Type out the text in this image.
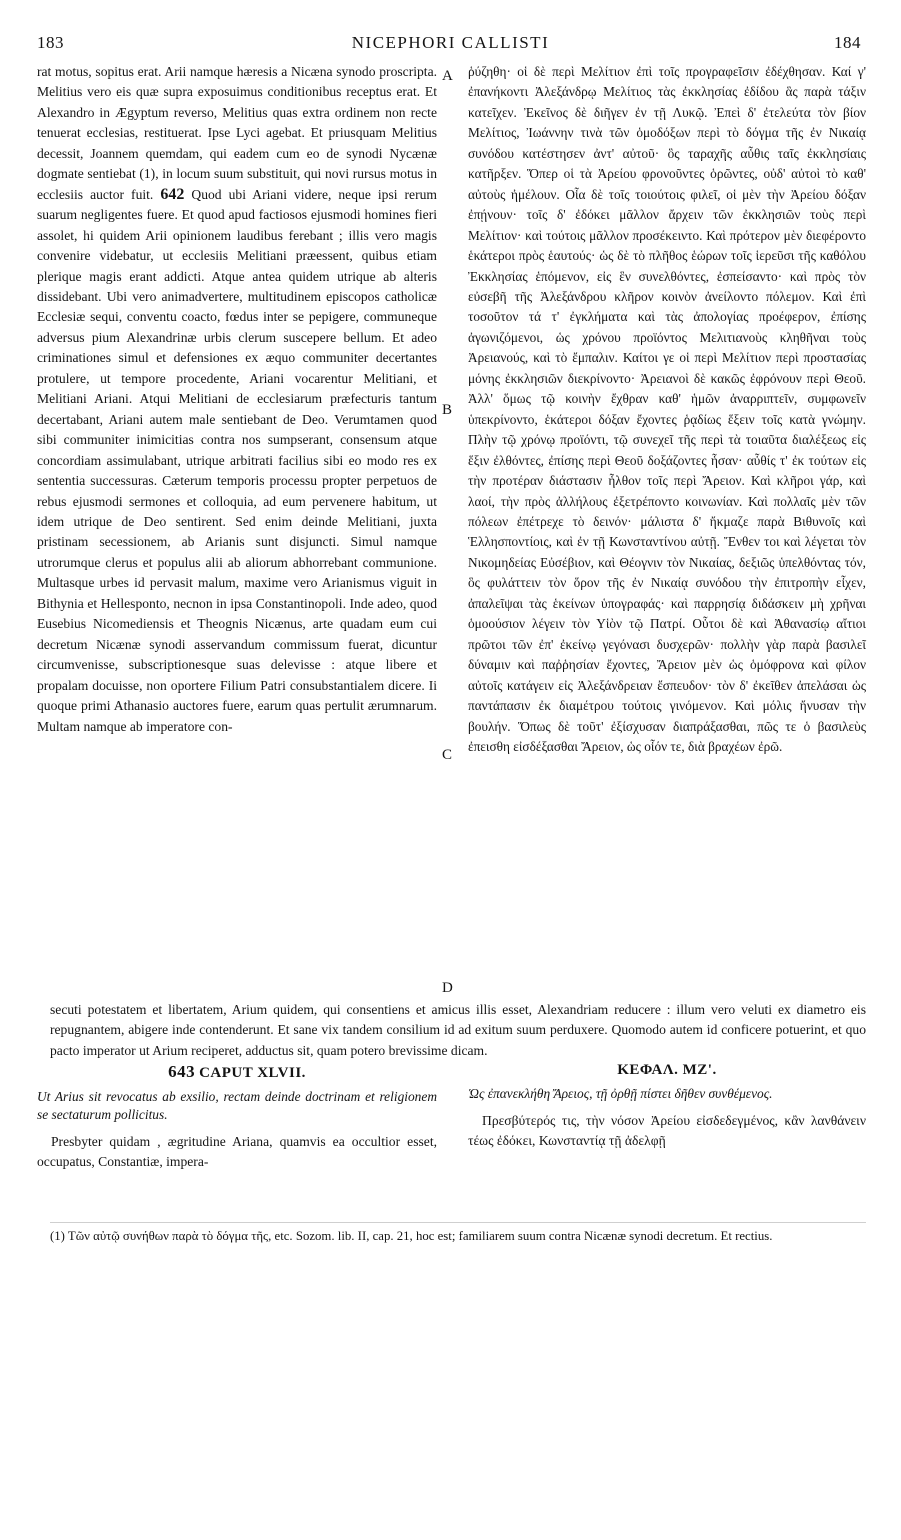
183	NICEPHORI CALLISTI	184

rat motus, sopitus erat. Arii namque hæresis a Nicæna synodo proscripta. Melitius vero eis quæ supra exposuimus conditionibus receptus erat. Et Alexandro in Ægyptum reverso, Melitius quas extra ordinem non recte tenuerat ecclesias, restituerat. Ipse Lyci agebat. Et priusquam Melitius decessit, Joannem quemdam, qui eadem cum eo de synodi Nycænæ dogmate sentiebat (1), in locum suum substituit, qui novi rursus motus in ecclesiis auctor fuit. 642 Quod ubi Ariani videre, neque ipsi rerum suarum negligentes fuere. Et quod apud factiosos ejusmodi homines fieri assolet, hi quidem Arii opinionem laudibus ferebant ; illis vero magis convenire videbatur, ut ecclesiis Melitiani præessent, quibus etiam plerique magis erant addicti. Atque antea quidem utrique ab alteris dissidebant. Ubi vero animadvertere, multitudinem episcopos catholicæ Ecclesiæ sequi, conventu coacto, fœdus inter se pepigere, communeque adversus pium Alexandrinæ urbis clerum suscepere bellum. Et adeo criminationes simul et defensiones ex æquo communiter decertantes protulere, ut tempore procedente, Ariani vocarentur Melitiani, et Melitiani Ariani. Atqui Melitiani de ecclesiarum præfecturis tantum decertabant, Ariani autem male sentiebant de Deo. Verumtamen quod sibi communiter inimicitias contra nos sumpserant, consensum atque concordiam assimulabant, utrique arbitrati facilius sibi eo modo res ex sententia successuras. Cæterum temporis processu propter perpetuos de rebus ejusmodi sermones et colloquia, ad eum pervenere habitum, ut idem utrique de Deo sentirent. Sed enim deinde Melitiani, juxta pristinam secessionem, ab Arianis sunt disjuncti. Simul namque utrorumque clerus et populus alii ab aliorum abhorrebant communione. Multasque urbes id pervasit malum, maxime vero Arianismus viguit in Bithynia et Hellesponto, necnon in ipsa Constantinopoli. Inde adeo, quod Eusebius Nicomediensis et Theognis Nicænus, arte quadam eum cui decretum Nicænæ synodi asservandum commissum fuerat, dicuntur circumvenisse, subscriptionesque suas delevisse : atque libere et propalam docuisse, non oportere Filium Patri consubstantialem dicere. Ii quoque primi Athanasio auctores fuere, earum quas pertulit ærumnarum. Multam namque ab imperatore con-

A
B
C
D

ῥύζηθη· οἱ δὲ περὶ Μελίτιον ἐπὶ τοῖς προγραφεῖσιν ἐδέχθησαν. Καί γ' ἐπανήκοντι Ἀλεξάνδρῳ Μελίτιος τὰς ἐκκλησίας ἐδίδου ἃς παρὰ τάξιν κατεῖχεν. Ἐκεῖνος δὲ διῆγεν ἐν τῇ Λυκῷ. Ἐπεὶ δ' ἐτελεύτα τὸν βίον Μελίτιος, Ἰωάννην τινὰ τῶν ὁμοδόξων περὶ τὸ δόγμα τῆς ἐν Νικαίᾳ συνόδου κατέστησεν ἀντ' αὐτοῦ· ὃς ταραχῆς αὖθις ταῖς ἐκκλησίαις κατῆρξεν. Ὅπερ οἱ τὰ Ἀρείου φρονοῦντες ὁρῶντες, οὐδ' αὐτοὶ τὸ καθ' αὐτοὺς ἠμέλουν. Οἷα δὲ τοῖς τοιούτοις φιλεῖ, οἱ μὲν τὴν Ἀρείου δόξαν ἐπῄνουν· τοῖς δ' ἐδόκει μᾶλλον ἄρχειν τῶν ἐκκλησιῶν τοὺς περὶ Μελίτιον· καὶ τούτοις μᾶλλον προσέκειντο. Καὶ πρότερον μὲν διεφέροντο ἑκάτεροι πρὸς ἑαυτούς· ὡς δὲ τὸ πλῆθος ἑώρων τοῖς ἱερεῦσι τῆς καθόλου Ἐκκλησίας ἑπόμενον, εἰς ἓν συνελθόντες, ἐσπείσαντο· καὶ πρὸς τὸν εὐσεβῆ τῆς Ἀλεξάνδρου κλῆρον κοινὸν ἀνείλοντο πόλεμον. Καὶ ἐπὶ τοσοῦτον τά τ' ἐγκλήματα καὶ τὰς ἀπολογίας προέφερον, ἐπίσης ἀγωνιζόμενοι, ὡς χρόνου προϊόντος Μελιτιανοὺς κληθῆναι τοὺς Ἀρειανούς, καὶ τὸ ἔμπαλιν. Καίτοι γε οἱ περὶ Μελίτιον περὶ προστασίας μόνης ἐκκλησιῶν διεκρίνοντο· Ἀρειανοὶ δὲ κακῶς ἐφρόνουν περὶ Θεοῦ. Ἀλλ' ὅμως τῷ κοινὴν ἔχθραν καθ' ἡμῶν ἀναρριπτεῖν, συμφωνεῖν ὑπεκρίνοντο, ἑκάτεροι δόξαν ἔχοντες ῥᾳδίως ἕξειν τοῖς κατὰ γνώμην. Πλὴν τῷ χρόνῳ προϊόντι, τῷ συνεχεῖ τῆς περὶ τὰ τοιαῦτα διαλέξεως εἰς ἕξιν ἐλθόντες, ἐπίσης περὶ Θεοῦ δοξάζοντες ἦσαν· αὖθίς τ' ἐκ τούτων εἰς τὴν προτέραν διάστασιν ἦλθον τοῖς περὶ Ἄρειον. Καὶ κλῆροι γάρ, καὶ λαοί, τὴν πρὸς ἀλλήλους ἐξετρέποντο κοινωνίαν. Καὶ πολλαῖς μὲν τῶν πόλεων ἐπέτρεχε τὸ δεινόν· μάλιστα δ' ἤκμαζε παρὰ Βιθυνοῖς καὶ Ἑλλησποντίοις, καὶ ἐν τῇ Κωνσταντίνου αὐτῇ. Ἔνθεν τοι καὶ λέγεται τὸν Νικομηδείας Εὐσέβιον, καὶ Θέογνιν τὸν Νικαίας, δεξιῶς ὑπελθόντας τόν, ὃς φυλάττειν τὸν ὅρον τῆς ἐν Νικαίᾳ συνόδου τὴν ἐπιτροπὴν εἶχεν, ἀπαλεῖψαι τὰς ἑκείνων ὑπογραφάς· καὶ παρρησίᾳ διδάσκειν μὴ χρῆναι ὁμοούσιον λέγειν τὸν Υἱὸν τῷ Πατρί. Οὗτοι δὲ καὶ Ἀθανασίῳ αἴτιοι πρῶτοι τῶν ἐπ' ἐκείνῳ γεγόνασι δυσχερῶν· πολλὴν γὰρ παρὰ βασιλεῖ δύναμιν καὶ παῤῥησίαν ἔχοντες, Ἄρειον μὲν ὡς ὁμόφρονα καὶ φίλον αὐτοῖς κατάγειν εἰς Ἀλεξάνδρειαν ἔσπευδον· τὸν δ' ἐκεῖθεν ἀπελάσαι ὡς παντάπασιν ἐκ διαμέτρου τούτοις γινόμενον. Καὶ μόλις ἤνυσαν τὴν βουλήν. Ὅπως δὲ τοῦτ' ἐξίσχυσαν διαπράξασθαι, πῶς τε ὁ βασιλεὺς ἐπεισθη εἰσδέξασθαι Ἄρειον, ὡς οἷόν τε, διὰ βραχέων ἐρῶ.

secuti potestatem et libertatem, Arium quidem, qui consentiens et amicus illis esset, Alexandriam reducere : illum vero veluti ex diametro eis repugnantem, abigere inde contenderunt. Et sane vix tandem consilium id ad exitum suum perduxere. Quomodo autem id conficere potuerint, et quo pacto imperator ut Arium reciperet, adductus sit, quam potero brevissime dicam.

643 CAPUT XLVII.

Ut Arius sit revocatus ab exsilio, rectam deinde doctrinam et religionem se sectaturum pollicitus.

Presbyter quidam , ægritudine Ariana, quamvis ea occultior esset, occupatus, Constantiæ, impera-

ΚΕΦΑΛ. ΜΖ'.

Ὡς ἐπανεκλήθη Ἄρειος, τῇ ὀρθῇ πίστει δῆθεν συνθέμενος.

Πρεσβύτερός τις, τὴν νόσον Ἀρείου εἰσδεδεγμένος, κἂν λανθάνειν τέως ἐδόκει, Κωνσταντίᾳ τῇ ἀδελφῇ

(1) Τῶν αὐτῷ συνήθων παρὰ τὸ δόγμα τῆς, etc. Sozom. lib. II, cap. 21, hoc est; familiarem suum contra Nicænæ synodi decretum. Et rectius.
